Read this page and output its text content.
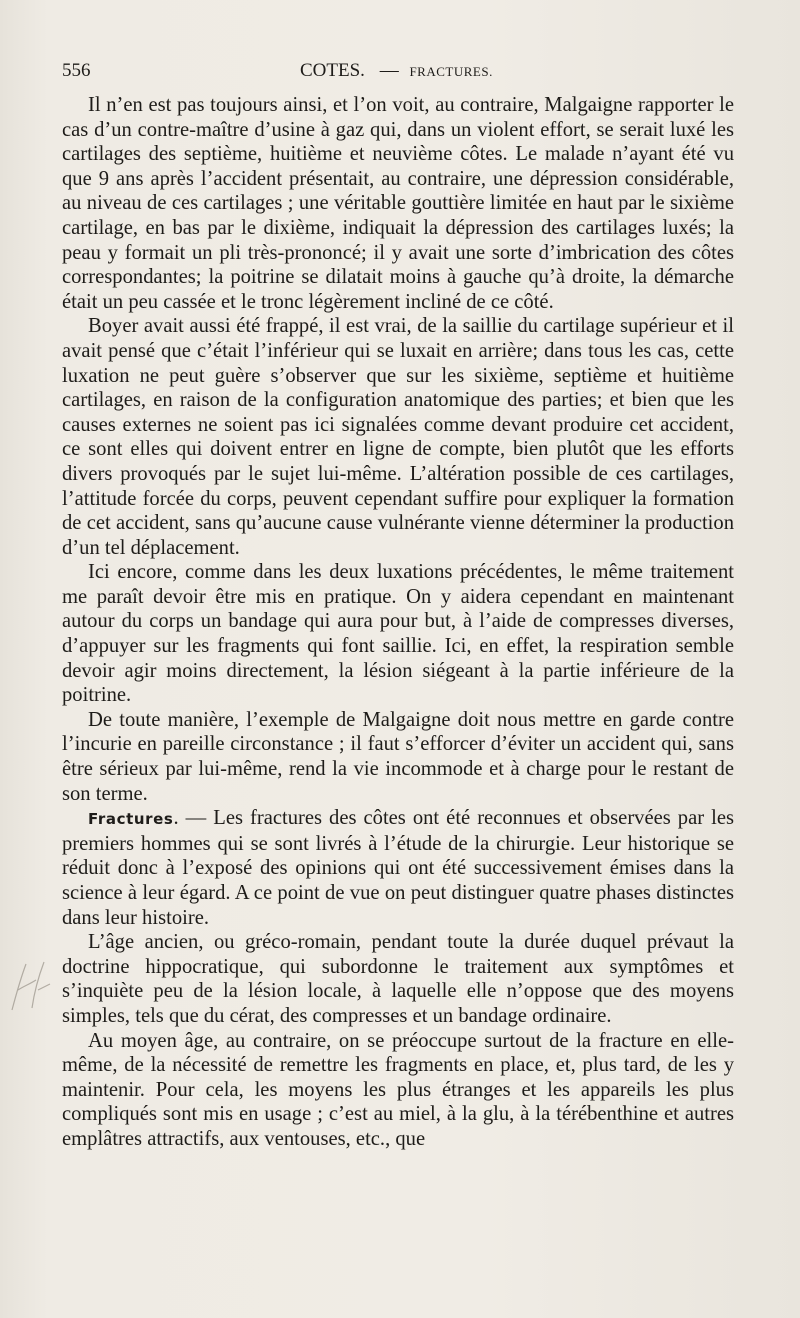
556	COTES. — FRACTURES.

Il n’en est pas toujours ainsi, et l’on voit, au contraire, Malgaigne rapporter le cas d’un contre-maître d’usine à gaz qui, dans un violent effort, se serait luxé les cartilages des septième, huitième et neuvième côtes. Le malade n’ayant été vu que 9 ans après l’accident présentait, au contraire, une dépression considérable, au niveau de ces cartilages ; une véritable gouttière limitée en haut par le sixième cartilage, en bas par le dixième, indiquait la dépression des cartilages luxés; la peau y formait un pli très-prononcé; il y avait une sorte d’imbrication des côtes correspondantes; la poitrine se dilatait moins à gauche qu’à droite, la démarche était un peu cassée et le tronc légèrement incliné de ce côté.

Boyer avait aussi été frappé, il est vrai, de la saillie du cartilage supérieur et il avait pensé que c’était l’inférieur qui se luxait en arrière; dans tous les cas, cette luxation ne peut guère s’observer que sur les sixième, septième et huitième cartilages, en raison de la configuration anatomique des parties; et bien que les causes externes ne soient pas ici signalées comme devant produire cet accident, ce sont elles qui doivent entrer en ligne de compte, bien plutôt que les efforts divers provoqués par le sujet lui-même. L’altération possible de ces cartilages, l’attitude forcée du corps, peuvent cependant suffire pour expliquer la formation de cet accident, sans qu’aucune cause vulnérante vienne déterminer la production d’un tel déplacement.

Ici encore, comme dans les deux luxations précédentes, le même traitement me paraît devoir être mis en pratique. On y aidera cependant en maintenant autour du corps un bandage qui aura pour but, à l’aide de compresses diverses, d’appuyer sur les fragments qui font saillie. Ici, en effet, la respiration semble devoir agir moins directement, la lésion siégeant à la partie inférieure de la poitrine.

De toute manière, l’exemple de Malgaigne doit nous mettre en garde contre l’incurie en pareille circonstance ; il faut s’efforcer d’éviter un accident qui, sans être sérieux par lui-même, rend la vie incommode et à charge pour le restant de son terme.

Fractures. — Les fractures des côtes ont été reconnues et observées par les premiers hommes qui se sont livrés à l’étude de la chirurgie. Leur historique se réduit donc à l’exposé des opinions qui ont été successivement émises dans la science à leur égard. A ce point de vue on peut distinguer quatre phases distinctes dans leur histoire.

L’âge ancien, ou gréco-romain, pendant toute la durée duquel prévaut la doctrine hippocratique, qui subordonne le traitement aux symptômes et s’inquiète peu de la lésion locale, à laquelle elle n’oppose que des moyens simples, tels que du cérat, des compresses et un bandage ordinaire.

Au moyen âge, au contraire, on se préoccupe surtout de la fracture en elle-même, de la nécessité de remettre les fragments en place, et, plus tard, de les y maintenir. Pour cela, les moyens les plus étranges et les appareils les plus compliqués sont mis en usage ; c’est au miel, à la glu, à la térébenthine et autres emplâtres attractifs, aux ventouses, etc., que
